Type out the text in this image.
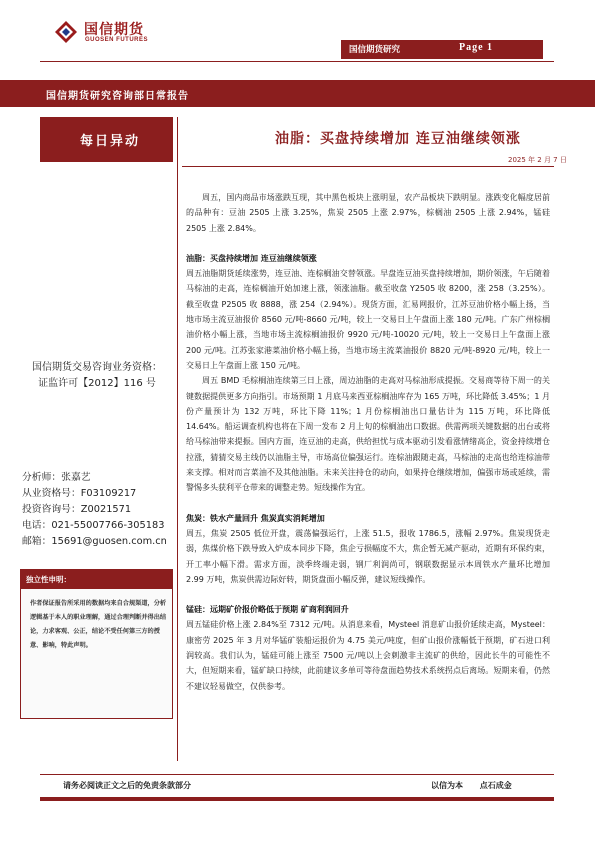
国信期货
GUOSEN FUTURES
国信期货研究	Page 1
国信期货研究咨询部日常报告
每日异动
国信期货交易咨询业务资格：
证监许可【2012】116 号
分析师：张嘉艺
从业资格号：F03109217
投资咨询号：Z0021571
电话：021-55007766-305183
邮箱：15691@guosen.com.cn
独立性申明：

作者保证报告所采用的数据均来自合规渠道，分析逻辑基于本人的职业理解，通过合理判断并得出结论，力求客观、公正，结论不受任何第三方的授意、影响，特此声明。

油脂：买盘持续增加 连豆油继续领涨
2025 年 2 月 7 日

周五，国内商品市场涨跌互现，其中黑色板块上涨明显，农产品板块下跌明显。涨跌变化幅度居前的品种有：豆油 2505 上涨 3.25%，焦炭 2505 上涨 2.97%，棕榈油 2505 上涨 2.94%，锰硅 2505 上涨 2.84%。

油脂：买盘持续增加 连豆油继续领涨

周五油脂期货延续涨势，连豆油、连棕榈油交替领涨。早盘连豆油买盘持续增加，期价领涨，午后随着马棕油的走高，连棕榈油开始加速上涨，领涨油脂。截至收盘 Y2505 收 8200，涨 258（3.25%）。截至收盘 P2505 收 8888，涨 254（2.94%）。现货方面，汇易网报价，江苏豆油价格小幅上扬，当地市场主流豆油报价 8560 元/吨-8660 元/吨，较上一交易日上午盘面上涨 180 元/吨。广东广州棕榈油价格小幅上涨，当地市场主流棕榈油报价 9920 元/吨-10020 元/吨，较上一交易日上午盘面上涨 200 元/吨。江苏张家港菜油价格小幅上扬，当地市场主流菜油报价 8820 元/吨-8920 元/吨，较上一交易日上午盘面上涨 150 元/吨。

周五 BMD 毛棕榈油连续第三日上涨，周边油脂的走高对马棕油形成提振。交易商等待下周一的关键数据提供更多方向指引。市场预期 1 月底马来西亚棕榈油库存为 165 万吨，环比降低 3.45%；1 月份产量预计为 132 万吨，环比下降 11%；1 月份棕榈油出口量估计为 115 万吨，环比降低 14.64%。船运调查机构也将在下周一发布 2 月上旬的棕榈油出口数据。供需两项关键数据的出台或将给马棕油带来提振。国内方面，连豆油的走高，供给担忧与成本驱动引发看涨情绪高企，资金持续增仓拉涨，猜猜交易主线仍以油脂主导，市场高位偏强运行。连棕油跟随走高，马棕油的走高也给连棕油带来支撑。相对而言菜油不及其他油脂。未来关注持仓的动向，如果持仓继续增加，偏强市场或延续，需警惕多头获利平仓带来的调整走势。短线操作为宜。

焦炭：铁水产量回升 焦炭真实消耗增加

周五，焦炭 2505 低位开盘，震荡偏强运行，上涨 51.5，报收 1786.5，涨幅 2.97%。焦炭现货走弱，焦煤价格下跌导致入炉成本同步下降，焦企亏损幅度不大，焦企暂无减产驱动，近期有环保约束，开工率小幅下滑。需求方面，淡季终端走弱，钢厂利润尚可，钢联数据显示本周铁水产量环比增加 2.99 万吨，焦炭供需边际好转，期货盘面小幅反弹，建议短线操作。

锰硅：远期矿价报价略低于预期 矿商利润回升

周五锰硅价格上涨 2.84%至 7312 元/吨。从消息来看，Mysteel 消息矿山报价延续走高，Mysteel：康密劳 2025 年 3 月对华锰矿装船运报价为 4.75 美元/吨度，但矿山报价涨幅低于预期，矿石进口利润较高。我们认为，锰硅可能上涨至 7500 元/吨以上会刺激非主流矿的供给，因此长牛的可能性不大，但短期来看，锰矿缺口持续，此前建议多单可等待盘面趋势技术系统拐点后离场。短期来看，仍然不建议轻易做空，仅供参考。

请务必阅读正文之后的免责条款部分	以信为本 点石成金
